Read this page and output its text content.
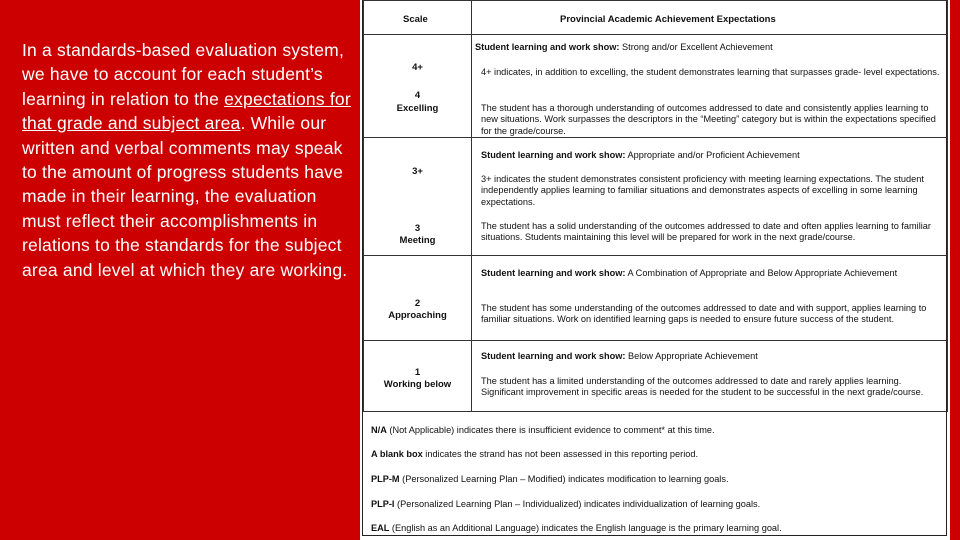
In a standards-based evaluation system, we have to account for each student’s learning in relation to the expectations for that grade and subject area. While our written and verbal comments may speak to the amount of progress students have made in their learning, the evaluation must reflect their accomplishments in relations to the standards for the subject area and level at which they are working.
Scale	Provincial Academic Achievement Expectations
4+
4
Excelling
Student learning and work show: Strong and/or Excellent Achievement
4+ indicates, in addition to excelling, the student demonstrates learning that surpasses grade- level expectations.
The student has a thorough understanding of outcomes addressed to date and consistently applies learning to new situations. Work surpasses the descriptors in the “Meeting” category but is within the expectations specified for the grade/course.
3+
3
Meeting
Student learning and work show: Appropriate and/or Proficient Achievement
3+ indicates the student demonstrates consistent proficiency with meeting learning expectations. The student independently applies learning to familiar situations and demonstrates aspects of excelling in some learning expectations.
The student has a solid understanding of the outcomes addressed to date and often applies learning to familiar situations. Students maintaining this level will be prepared for work in the next grade/course.
2
Approaching
Student learning and work show: A Combination of Appropriate and Below Appropriate Achievement
The student has some understanding of the outcomes addressed to date and with support, applies learning to familiar situations. Work on identified learning gaps is needed to ensure future success of the student.
1
Working below
Student learning and work show: Below Appropriate Achievement
The student has a limited understanding of the outcomes addressed to date and rarely applies learning. Significant improvement in specific areas is needed for the student to be successful in the next grade/course.
N/A (Not Applicable) indicates there is insufficient evidence to comment* at this time.
A blank box indicates the strand has not been assessed in this reporting period.
PLP-M (Personalized Learning Plan – Modified) indicates modification to learning goals.
PLP-I (Personalized Learning Plan – Individualized) indicates individualization of learning goals.
EAL (English as an Additional Language) indicates the English language is the primary learning goal.
